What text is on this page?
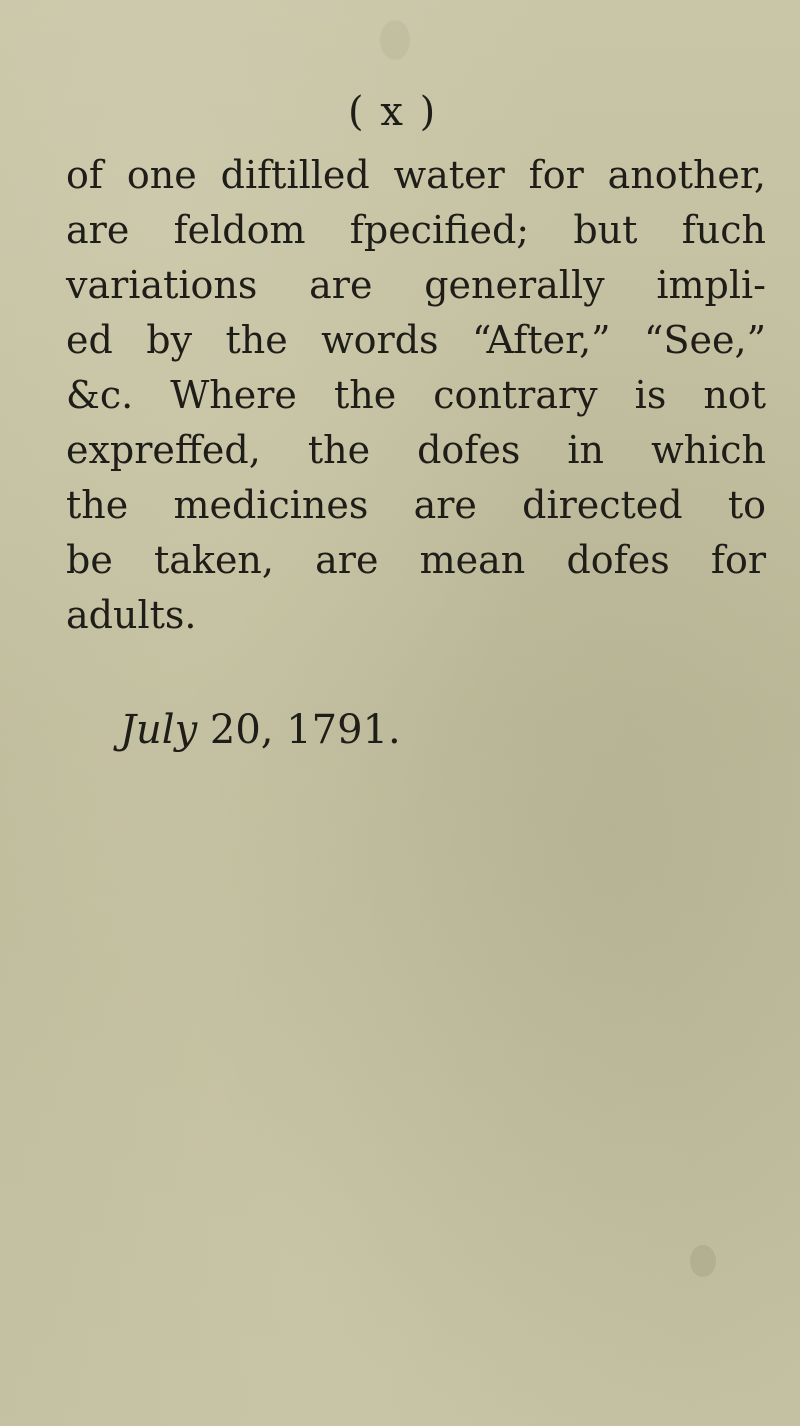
( x )

of one diftilled water for another,
are feldom fpecified; but fuch
variations are generally impli-
ed by the words “After,” “See,”
&c. Where the contrary is not
expreffed, the dofes in which
the medicines are directed to
be taken, are mean dofes for
adults.

July 20, 1791.
